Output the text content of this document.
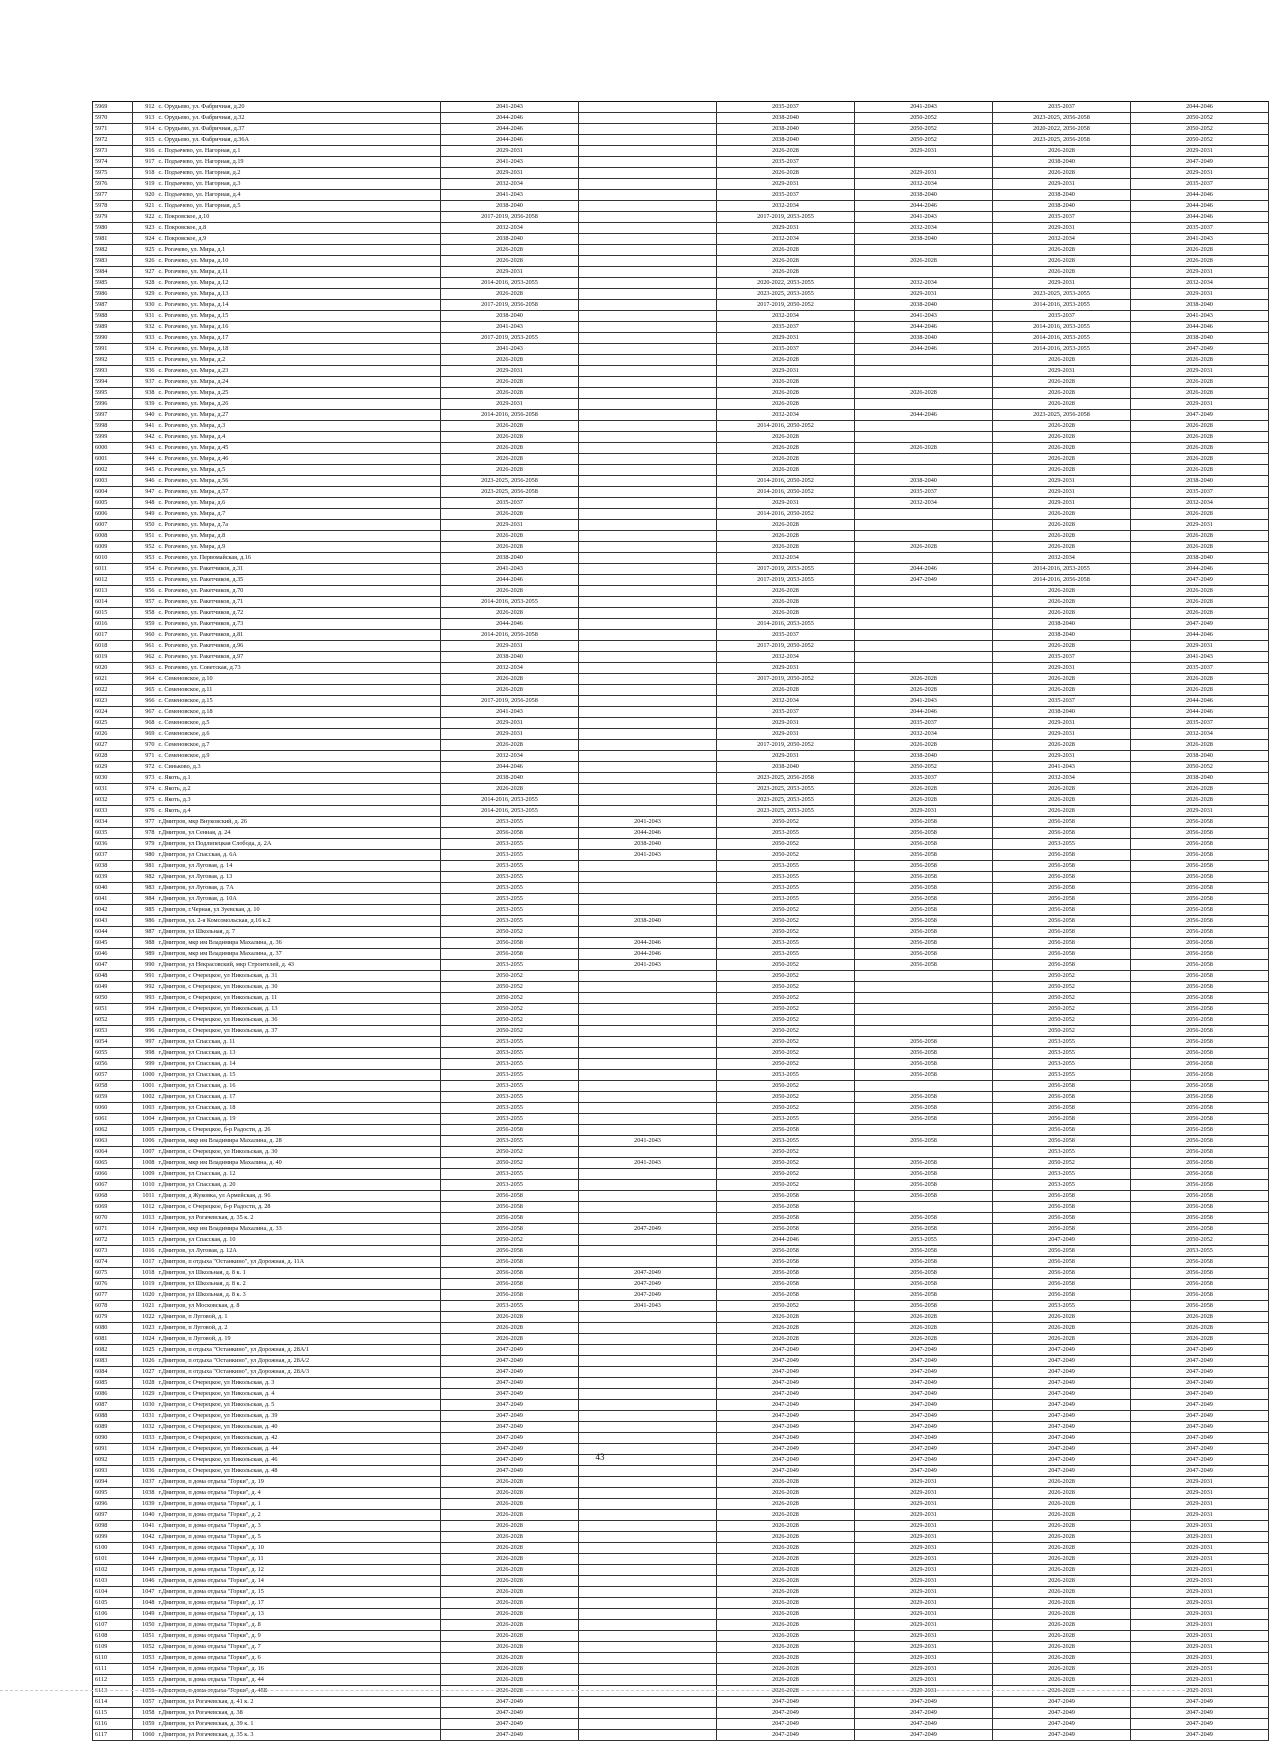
5969	912	с. Орудьево, ул. Фабричная, д.20	2041-2043		2035-2037	2041-2043	2035-2037	2044-2046
5970	913	с. Орудьево, ул. Фабричная, д.32	2044-2046		2038-2040	2050-2052	2023-2025, 2056-2058	2050-2052
5971	914	с. Орудьево, ул. Фабричная, д.37	2044-2046		2038-2040	2050-2052	2020-2022, 2056-2058	2050-2052
5972	915	с. Орудьево, ул. Фабричная, д.36А	2044-2046		2038-2040	2050-2052	2023-2025, 2056-2058	2050-2052
5973	916	с. Подъячево, ул. Нагорная, д.1	2029-2031		2026-2028	2029-2031	2026-2028	2029-2031
5974	917	с. Подъячево, ул. Нагорная, д.19	2041-2043		2035-2037		2038-2040	2047-2049
5975	918	с. Подъячево, ул. Нагорная, д.2	2029-2031		2026-2028	2029-2031	2026-2028	2029-2031
5976	919	с. Подъячево, ул. Нагорная, д.3	2032-2034		2029-2031	2032-2034	2029-2031	2035-2037
5977	920	с. Подъячево, ул. Нагорная, д.4	2041-2043		2035-2037	2038-2040	2038-2040	2044-2046
5978	921	с. Подъячево, ул. Нагорная, д.5	2038-2040		2032-2034	2044-2046	2038-2040	2044-2046
5979	922	с. Покровское, д.10	2017-2019, 2056-2058		2017-2019, 2053-2055	2041-2043	2035-2037	2044-2046
5980	923	с. Покровское, д.8	2032-2034		2029-2031	2032-2034	2029-2031	2035-2037
5981	924	с. Покровское, д.9	2038-2040		2032-2034	2038-2040	2032-2034	2041-2043
5982	925	с. Рогачево, ул. Мира, д.1	2026-2028		2026-2028		2026-2028	2026-2028
5983	926	с. Рогачево, ул. Мира, д.10	2026-2028		2026-2028	2026-2028	2026-2028	2026-2028
5984	927	с. Рогачево, ул. Мира, д.11	2029-2031		2026-2028		2026-2028	2029-2031
5985	928	с. Рогачево, ул. Мира, д.12	2014-2016, 2053-2055		2020-2022, 2053-2055	2032-2034	2029-2031	2032-2034
5986	929	с. Рогачево, ул. Мира, д.13	2026-2028		2023-2025, 2053-2055	2029-2031	2023-2025, 2053-2055	2029-2031
5987	930	с. Рогачево, ул. Мира, д.14	2017-2019, 2056-2058		2017-2019, 2050-2052	2038-2040	2014-2016, 2053-2055	2038-2040
5988	931	с. Рогачево, ул. Мира, д.15	2038-2040		2032-2034	2041-2043	2035-2037	2041-2043
5989	932	с. Рогачево, ул. Мира, д.16	2041-2043		2035-2037	2044-2046	2014-2016, 2053-2055	2044-2046
5990	933	с. Рогачево, ул. Мира, д.17	2017-2019, 2053-2055		2029-2031	2038-2040	2014-2016, 2053-2055	2038-2040
5991	934	с. Рогачево, ул. Мира, д.18	2041-2043		2035-2037	2044-2046	2014-2016, 2053-2055	2047-2049
5992	935	с. Рогачево, ул. Мира, д.2	2026-2028		2026-2028		2026-2028	2026-2028
5993	936	с. Рогачево, ул. Мира, д.23	2029-2031		2029-2031		2029-2031	2029-2031
5994	937	с. Рогачево, ул. Мира, д.24	2026-2028		2026-2028		2026-2028	2026-2028
5995	938	с. Рогачево, ул. Мира, д.25	2026-2028		2026-2028	2026-2028	2026-2028	2026-2028
5996	939	с. Рогачево, ул. Мира, д.26	2029-2031		2026-2028		2026-2028	2029-2031
5997	940	с. Рогачево, ул. Мира, д.27	2014-2016, 2056-2058		2032-2034	2044-2046	2023-2025, 2056-2058	2047-2049
5998	941	с. Рогачево, ул. Мира, д.3	2026-2028		2014-2016, 2050-2052		2026-2028	2026-2028
5999	942	с. Рогачево, ул. Мира, д.4	2026-2028		2026-2028		2026-2028	2026-2028
6000	943	с. Рогачево, ул. Мира, д.45	2026-2028		2026-2028	2026-2028	2026-2028	2026-2028
6001	944	с. Рогачево, ул. Мира, д.46	2026-2028		2026-2028		2026-2028	2026-2028
6002	945	с. Рогачево, ул. Мира, д.5	2026-2028		2026-2028		2026-2028	2026-2028
6003	946	с. Рогачево, ул. Мира, д.56	2023-2025, 2056-2058		2014-2016, 2050-2052	2038-2040	2029-2031	2038-2040
6004	947	с. Рогачево, ул. Мира, д.57	2023-2025, 2056-2058		2014-2016, 2050-2052	2035-2037	2029-2031	2035-2037
6005	948	с. Рогачево, ул. Мира, д.6	2035-2037		2029-2031	2032-2034	2029-2031	2032-2034
6006	949	с. Рогачево, ул. Мира, д.7	2026-2028		2014-2016, 2050-2052		2026-2028	2026-2028
6007	950	с. Рогачево, ул. Мира, д.7а	2029-2031		2026-2028		2026-2028	2029-2031
6008	951	с. Рогачево, ул. Мира, д.8	2026-2028		2026-2028		2026-2028	2026-2028
6009	952	с. Рогачево, ул. Мира, д.9	2026-2028		2026-2028	2026-2028	2026-2028	2026-2028
6010	953	с. Рогачево, ул. Первомайская, д.16	2038-2040		2032-2034		2032-2034	2038-2040
6011	954	с. Рогачево, ул. Ракетчиков, д.31	2041-2043		2017-2019, 2053-2055	2044-2046	2014-2016, 2053-2055	2044-2046
6012	955	с. Рогачево, ул. Ракетчиков, д.35	2044-2046		2017-2019, 2053-2055	2047-2049	2014-2016, 2056-2058	2047-2049
6013	956	с. Рогачево, ул. Ракетчиков, д.70	2026-2028		2026-2028		2026-2028	2026-2028
6014	957	с. Рогачево, ул. Ракетчиков, д.71	2014-2016, 2053-2055		2026-2028		2026-2028	2026-2028
6015	958	с. Рогачево, ул. Ракетчиков, д.72	2026-2028		2026-2028		2026-2028	2026-2028
6016	959	с. Рогачево, ул. Ракетчиков, д.73	2044-2046		2014-2016, 2053-2055		2038-2040	2047-2049
6017	960	с. Рогачево, ул. Ракетчиков, д.81	2014-2016, 2056-2058		2035-2037		2038-2040	2044-2046
6018	961	с. Рогачево, ул. Ракетчиков, д.96	2029-2031		2017-2019, 2050-2052		2026-2028	2029-2031
6019	962	с. Рогачево, ул. Ракетчиков, д.97	2038-2040		2032-2034		2035-2037	2041-2043
6020	963	с. Рогачево, ул. Советская, д.73	2032-2034		2029-2031		2029-2031	2035-2037
6021	964	с. Семеновское, д.10	2026-2028		2017-2019, 2050-2052	2026-2028	2026-2028	2026-2028
6022	965	с. Семеновское, д.11	2026-2028		2026-2028	2026-2028	2026-2028	2026-2028
6023	966	с. Семеновское, д.15	2017-2019, 2056-2058		2032-2034	2041-2043	2035-2037	2044-2046
6024	967	с. Семеновское, д.18	2041-2043		2035-2037	2044-2046	2038-2040	2044-2046
6025	968	с. Семеновское, д.5	2029-2031		2029-2031	2035-2037	2029-2031	2035-2037
6026	969	с. Семеновское, д.6	2029-2031		2029-2031	2032-2034	2029-2031	2032-2034
6027	970	с. Семеновское, д.7	2026-2028		2017-2019, 2050-2052	2026-2028	2026-2028	2026-2028
6028	971	с. Семеновское, д.9	2032-2034		2029-2031	2038-2040	2029-2031	2038-2040
6029	972	с. Синьково, д.3	2044-2046		2038-2040	2050-2052	2041-2043	2050-2052
6030	973	с. Якоть, д.1	2038-2040		2023-2025, 2056-2058	2035-2037	2032-2034	2038-2040
6031	974	с. Якоть, д.2	2026-2028		2023-2025, 2053-2055	2026-2028	2026-2028	2026-2028
6032	975	с. Якоть, д.3	2014-2016, 2053-2055		2023-2025, 2053-2055	2026-2028	2026-2028	2026-2028
6033	976	с. Якоть, д.4	2014-2016, 2053-2055		2023-2025, 2053-2055	2029-2031	2026-2028	2029-2031
6034	977	г.Дмитров, мкр Внуковский, д. 26	2053-2055	2041-2043	2050-2052	2056-2058	2056-2058	2056-2058
6035	978	г.Дмитров, ул Сенная, д. 24	2056-2058	2044-2046	2053-2055	2056-2058	2056-2058	2056-2058
6036	979	г.Дмитров, ул Подлипецкая Слобода, д. 2А	2053-2055	2038-2040	2050-2052	2056-2058	2053-2055	2056-2058
6037	980	г.Дмитров, ул Спасская, д. 6А	2053-2055	2041-2043	2050-2052	2056-2058	2056-2058	2056-2058
6038	981	г.Дмитров, ул Луговая, д. 14	2053-2055		2053-2055	2056-2058	2056-2058	2056-2058
6039	982	г.Дмитров, ул Луговая, д. 13	2053-2055		2053-2055	2056-2058	2056-2058	2056-2058
6040	983	г.Дмитров, ул Луговая, д. 7А	2053-2055		2053-2055	2056-2058	2056-2058	2056-2058
6041	984	г.Дмитров, ул Луговая, д. 10А	2053-2055		2053-2055	2056-2058	2056-2058	2056-2058
6042	985	г.Дмитров, г.Черная, ул Зуевская, д. 10	2053-2055		2050-2052	2056-2058	2056-2058	2056-2058
6043	986	г.Дмитров, ул. 2-я Комсомольская, д.16 к.2	2053-2055	2038-2040	2050-2052	2056-2058	2056-2058	2056-2058
6044	987	г.Дмитров, ул Школьная, д. 7	2050-2052		2050-2052	2056-2058	2056-2058	2056-2058
6045	988	г.Дмитров, мкр им Владимира Махалина, д. 36	2056-2058	2044-2046	2053-2055	2056-2058	2056-2058	2056-2058
6046	989	г.Дмитров, мкр им Владимира Махалина, д. 37	2056-2058	2044-2046	2053-2055	2056-2058	2056-2058	2056-2058
6047	990	г.Дмитров, ул Некрасовский, мкр Строителей, д. 43	2053-2055	2041-2043	2050-2052	2056-2058	2056-2058	2056-2058
6048	991	г.Дмитров, с Очерецкое, ул Никольская, д. 31	2050-2052		2050-2052		2050-2052	2056-2058
6049	992	г.Дмитров, с Очерецкое, ул Никольская, д. 30	2050-2052		2050-2052		2050-2052	2056-2058
6050	993	г.Дмитров, с Очерецкое, ул Никольская, д. 11	2050-2052		2050-2052		2050-2052	2056-2058
6051	994	г.Дмитров, с Очерецкое, ул Никольская, д. 13	2050-2052		2050-2052		2050-2052	2056-2058
6052	995	г.Дмитров, с Очерецкое, ул Никольская, д. 36	2050-2052		2050-2052		2050-2052	2056-2058
6053	996	г.Дмитров, с Очерецкое, ул Никольская, д. 37	2050-2052		2050-2052		2050-2052	2056-2058
6054	997	г.Дмитров, ул Спасская, д. 11	2053-2055		2050-2052	2056-2058	2053-2055	2056-2058
6055	998	г.Дмитров, ул Спасская, д. 13	2053-2055		2050-2052	2056-2058	2053-2055	2056-2058
6056	999	г.Дмитров, ул Спасская, д. 14	2053-2055		2050-2052	2056-2058	2053-2055	2056-2058
6057	1000	г.Дмитров, ул Спасская, д. 15	2053-2055		2053-2055	2056-2058	2053-2055	2056-2058
6058	1001	г.Дмитров, ул Спасская, д. 16	2053-2055		2050-2052		2056-2058	2056-2058
6059	1002	г.Дмитров, ул Спасская, д. 17	2053-2055		2050-2052	2056-2058	2056-2058	2056-2058
6060	1003	г.Дмитров, ул Спасская, д. 18	2053-2055		2050-2052	2056-2058	2056-2058	2056-2058
6061	1004	г.Дмитров, ул Спасская, д. 19	2053-2055		2053-2055	2056-2058	2056-2058	2056-2058
6062	1005	г.Дмитров, с Очерецкое, б-р Радости, д. 26	2056-2058		2056-2058		2056-2058	2056-2058
6063	1006	г.Дмитров, мкр им Владимира Махалина, д. 28	2053-2055	2041-2043	2053-2055	2056-2058	2056-2058	2056-2058
6064	1007	г.Дмитров, с Очерецкое, ул Никольская, д. 30	2050-2052		2050-2052		2053-2055	2056-2058
6065	1008	г.Дмитров, мкр им Владимира Махалина, д. 40	2050-2052	2041-2043	2050-2052	2056-2058	2050-2052	2056-2058
6066	1009	г.Дмитров, ул Спасская, д. 12	2053-2055		2050-2052	2056-2058	2053-2055	2056-2058
6067	1010	г.Дмитров, ул Спасская, д. 20	2053-2055		2050-2052	2056-2058	2053-2055	2056-2058
6068	1011	г.Дмитров, д Жуковка, ул Армейская, д. 96	2056-2058		2056-2058	2056-2058	2056-2058	2056-2058
6069	1012	г.Дмитров, с Очерецкое, б-р Радости, д. 28	2056-2058		2056-2058		2056-2058	2056-2058
6070	1013	г.Дмитров, ул Рогачевская, д. 35 к. 2	2056-2058		2056-2058	2056-2058	2056-2058	2056-2058
6071	1014	г.Дмитров, мкр им Владимира Махалина, д. 33	2056-2058	2047-2049	2056-2058	2056-2058	2056-2058	2056-2058
6072	1015	г.Дмитров, ул Спасская, д. 10	2050-2052		2044-2046	2053-2055	2047-2049	2050-2052
6073	1016	г.Дмитров, ул Луговая, д. 12А	2056-2058		2056-2058	2056-2058	2056-2058	2053-2055
6074	1017	г.Дмитров, п отдыха "Останкино", ул Дорожная, д. 11А	2056-2058		2056-2058	2056-2058	2056-2058	2056-2058
6075	1018	г.Дмитров, ул Школьная, д. 8 к. 1	2056-2058	2047-2049	2056-2058	2056-2058	2056-2058	2056-2058
6076	1019	г.Дмитров, ул Школьная, д. 8 к. 2	2056-2058	2047-2049	2056-2058	2056-2058	2056-2058	2056-2058
6077	1020	г.Дмитров, ул Школьная, д. 8 к. 3	2056-2058	2047-2049	2056-2058	2056-2058	2056-2058	2056-2058
6078	1021	г.Дмитров, ул Московская, д. 8	2053-2055	2041-2043	2050-2052	2056-2058	2053-2055	2056-2058
6079	1022	г.Дмитров, п Луговой, д. 1	2026-2028		2026-2028	2026-2028	2026-2028	2026-2028
6080	1023	г.Дмитров, п Луговой, д. 2	2026-2028		2026-2028	2026-2028	2026-2028	2026-2028
6081	1024	г.Дмитров, п Луговой, д. 19	2026-2028		2026-2028	2026-2028	2026-2028	2026-2028
6082	1025	г.Дмитров, п отдыха "Останкино", ул Дорожная, д. 28А/1	2047-2049		2047-2049	2047-2049	2047-2049	2047-2049
6083	1026	г.Дмитров, п отдыха "Останкино", ул Дорожная, д. 28А/2	2047-2049		2047-2049	2047-2049	2047-2049	2047-2049
6084	1027	г.Дмитров, п отдыха "Останкино", ул Дорожная, д. 28А/3	2047-2049		2047-2049	2047-2049	2047-2049	2047-2049
6085	1028	г.Дмитров, с Очерецкое, ул Никольская, д. 3	2047-2049		2047-2049	2047-2049	2047-2049	2047-2049
6086	1029	г.Дмитров, с Очерецкое, ул Никольская, д. 4	2047-2049		2047-2049	2047-2049	2047-2049	2047-2049
6087	1030	г.Дмитров, с Очерецкое, ул Никольская, д. 5	2047-2049		2047-2049	2047-2049	2047-2049	2047-2049
6088	1031	г.Дмитров, с Очерецкое, ул Никольская, д. 39	2047-2049		2047-2049	2047-2049	2047-2049	2047-2049
6089	1032	г.Дмитров, с Очерецкое, ул Никольская, д. 40	2047-2049		2047-2049	2047-2049	2047-2049	2047-2049
6090	1033	г.Дмитров, с Очерецкое, ул Никольская, д. 42	2047-2049		2047-2049	2047-2049	2047-2049	2047-2049
6091	1034	г.Дмитров, с Очерецкое, ул Никольская, д. 44	2047-2049		2047-2049	2047-2049	2047-2049	2047-2049
6092	1035	г.Дмитров, с Очерецкое, ул Никольская, д. 46	2047-2049		2047-2049	2047-2049	2047-2049	2047-2049
6093	1036	г.Дмитров, с Очерецкое, ул Никольская, д. 48	2047-2049		2047-2049	2047-2049	2047-2049	2047-2049
6094	1037	г.Дмитров, п дома отдыха "Горки", д. 19	2026-2028		2026-2028	2029-2031	2026-2028	2029-2031
6095	1038	г.Дмитров, п дома отдыха "Горки", д. 4	2026-2028		2026-2028	2029-2031	2026-2028	2029-2031
6096	1039	г.Дмитров, п дома отдыха "Горки", д. 1	2026-2028		2026-2028	2029-2031	2026-2028	2029-2031
6097	1040	г.Дмитров, п дома отдыха "Горки", д. 2	2026-2028		2026-2028	2029-2031	2026-2028	2029-2031
6098	1041	г.Дмитров, п дома отдыха "Горки", д. 3	2026-2028		2026-2028	2029-2031	2026-2028	2029-2031
6099	1042	г.Дмитров, п дома отдыха "Горки", д. 5	2026-2028		2026-2028	2029-2031	2026-2028	2029-2031
6100	1043	г.Дмитров, п дома отдыха "Горки", д. 10	2026-2028		2026-2028	2029-2031	2026-2028	2029-2031
6101	1044	г.Дмитров, п дома отдыха "Горки", д. 11	2026-2028		2026-2028	2029-2031	2026-2028	2029-2031
6102	1045	г.Дмитров, п дома отдыха "Горки", д. 12	2026-2028		2026-2028	2029-2031	2026-2028	2029-2031
6103	1046	г.Дмитров, п дома отдыха "Горки", д. 14	2026-2028		2026-2028	2029-2031	2026-2028	2029-2031
6104	1047	г.Дмитров, п дома отдыха "Горки", д. 15	2026-2028		2026-2028	2029-2031	2026-2028	2029-2031
6105	1048	г.Дмитров, п дома отдыха "Горки", д. 17	2026-2028		2026-2028	2029-2031	2026-2028	2029-2031
6106	1049	г.Дмитров, п дома отдыха "Горки", д. 13	2026-2028		2026-2028	2029-2031	2026-2028	2029-2031
6107	1050	г.Дмитров, п дома отдыха "Горки", д. 8	2026-2028		2026-2028	2029-2031	2026-2028	2029-2031
6108	1051	г.Дмитров, п дома отдыха "Горки", д. 9	2026-2028		2026-2028	2029-2031	2026-2028	2029-2031
6109	1052	г.Дмитров, п дома отдыха "Горки", д. 7	2026-2028		2026-2028	2029-2031	2026-2028	2029-2031
6110	1053	г.Дмитров, п дома отдыха "Горки", д. 6	2026-2028		2026-2028	2029-2031	2026-2028	2029-2031
6111	1054	г.Дмитров, п дома отдыха "Горки", д. 16	2026-2028		2026-2028	2029-2031	2026-2028	2029-2031
6112	1055	г.Дмитров, п дома отдыха "Горки", д. 44	2026-2028		2026-2028	2029-2031	2026-2028	2029-2031
6113	1056	г.Дмитров, п дома отдыха "Горки", д. 45Б	2026-2028		2026-2028	2029-2031	2026-2028	2029-2031
6114	1057	г.Дмитров, ул Рогачевская, д. 41 к. 2	2047-2049		2047-2049	2047-2049	2047-2049	2047-2049
6115	1058	г.Дмитров, ул Рогачевская, д. 38	2047-2049		2047-2049	2047-2049	2047-2049	2047-2049
6116	1059	г.Дмитров, ул Рогачевская, д. 39 к. 1	2047-2049		2047-2049	2047-2049	2047-2049	2047-2049
6117	1060	г.Дмитров, ул Рогачевская, д. 35 к. 3	2047-2049		2047-2049	2047-2049	2047-2049	2047-2049
43
